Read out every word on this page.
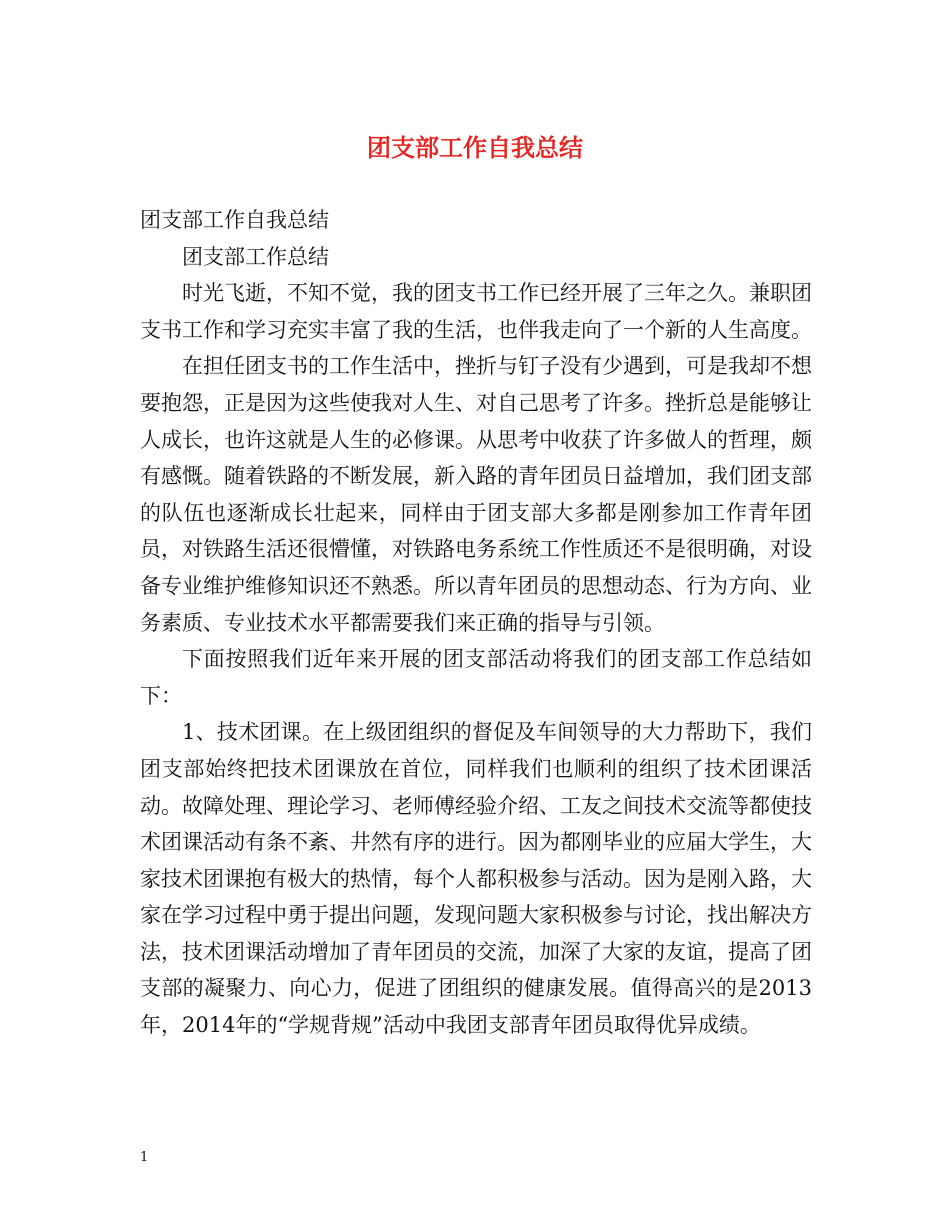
团支部工作自我总结

团支部工作自我总结

团支部工作总结

时光飞逝，不知不觉，我的团支书工作已经开展了三年之久。兼职团支书工作和学习充实丰富了我的生活，也伴我走向了一个新的人生高度。

在担任团支书的工作生活中，挫折与钉子没有少遇到，可是我却不想要抱怨，正是因为这些使我对人生、对自己思考了许多。挫折总是能够让人成长，也许这就是人生的必修课。从思考中收获了许多做人的哲理，颇有感慨。随着铁路的不断发展，新入路的青年团员日益增加，我们团支部的队伍也逐渐成长壮起来，同样由于团支部大多都是刚参加工作青年团员，对铁路生活还很懵懂，对铁路电务系统工作性质还不是很明确，对设备专业维护维修知识还不熟悉。所以青年团员的思想动态、行为方向、业务素质、专业技术水平都需要我们来正确的指导与引领。

下面按照我们近年来开展的团支部活动将我们的团支部工作总结如下：

1、技术团课。在上级团组织的督促及车间领导的大力帮助下，我们团支部始终把技术团课放在首位，同样我们也顺利的组织了技术团课活动。故障处理、理论学习、老师傅经验介绍、工友之间技术交流等都使技术团课活动有条不紊、井然有序的进行。因为都刚毕业的应届大学生，大家技术团课抱有极大的热情，每个人都积极参与活动。因为是刚入路，大家在学习过程中勇于提出问题，发现问题大家积极参与讨论，找出解决方法，技术团课活动增加了青年团员的交流，加深了大家的友谊，提高了团支部的凝聚力、向心力，促进了团组织的健康发展。值得高兴的是2013年，2014年的“学规背规”活动中我团支部青年团员取得优异成绩。

1
